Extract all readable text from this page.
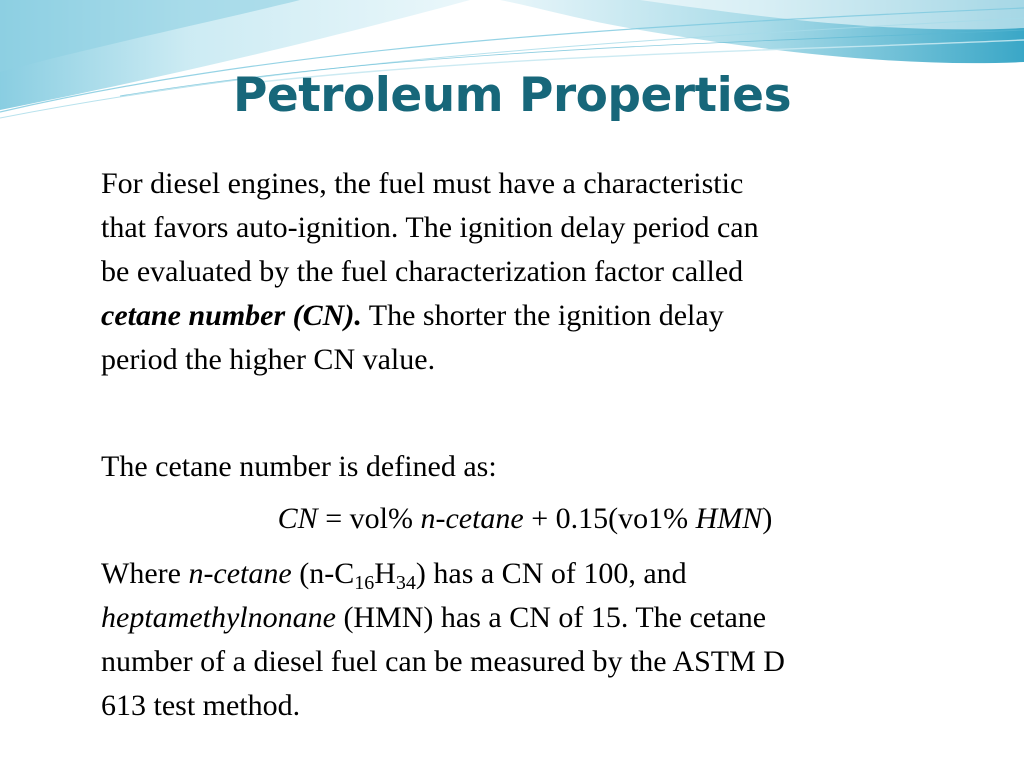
Petroleum Properties
For diesel engines, the fuel must have a characteristic
that favors auto-ignition. The ignition delay period can
be evaluated by the fuel characterization factor called
cetane number (CN). The shorter the ignition delay
period the higher CN value.
The cetane number is defined as:
CN = vol% n-cetane + 0.15(vo1% HMN)
Where n-cetane $(n-C_{16}H_{34})$ has a CN of 100, and
heptamethylnonane (HMN) has a CN of 15. The cetane
number of a diesel fuel can be measured by the ASTM D
613 test method.
